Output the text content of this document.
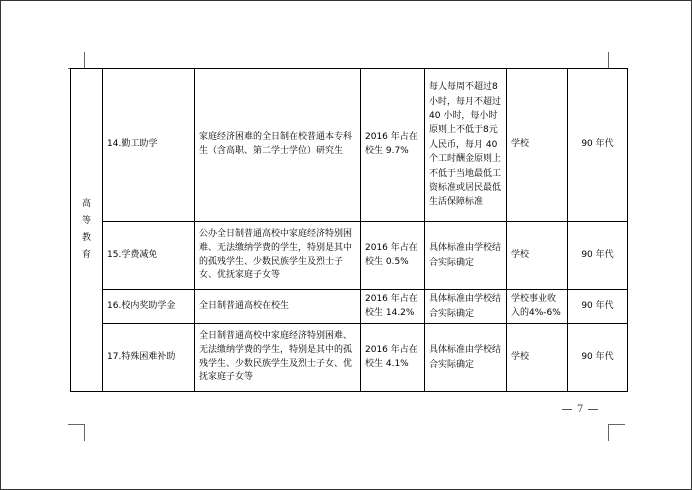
高
等
教
育	14.勤工助学	家庭经济困难的全日制在校普通本专科生（含高职、第二学士学位）研究生	2016 年占在校生 9.7%	每人每周不超过8小时，每月不超过 40 小时，每小时原则上不低于8元人民币，每月 40 个工时酬金原则上不低于当地最低工资标准或居民最低生活保障标准	学校	90 年代
	15.学费减免	公办全日制普通高校中家庭经济特别困难、无法缴纳学费的学生，特别是其中的孤残学生、少数民族学生及烈士子女、优抚家庭子女等	2016 年占在校生 0.5%	具体标准由学校结合实际确定	学校	90 年代
	16.校内奖助学金	全日制普通高校在校生	2016 年占在校生 14.2%	具体标准由学校结合实际确定	学校事业收入的4%-6%	90 年代
	17.特殊困难补助	全日制普通高校中家庭经济特别困难、无法缴纳学费的学生，特别是其中的孤残学生、少数民族学生及烈士子女、优抚家庭子女等	2016 年占在校生 4.1%	具体标准由学校结合实际确定	学校	90 年代
7
